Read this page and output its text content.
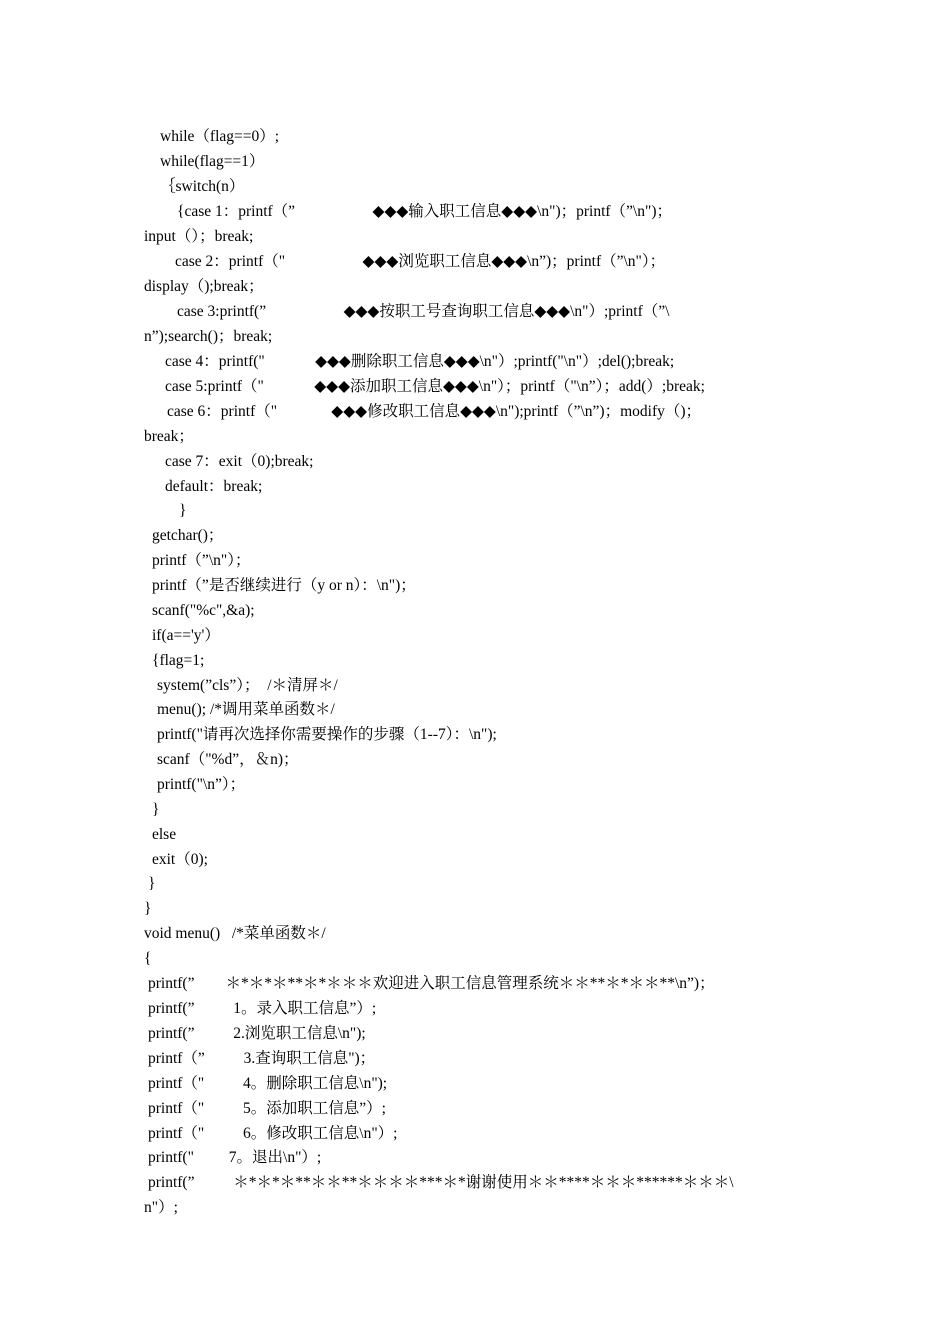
while（flag==0）;
while(flag==1）
｛switch(n）
{case 1：printf（”                    ◆◆◆输入职工信息◆◆◆\n")；printf（”\n")；
input（）；break;
case 2：printf（"                    ◆◆◆浏览职工信息◆◆◆\n”)；printf（”\n"）；
display（);break；
case 3:printf(”                    ◆◆◆按职工号查询职工信息◆◆◆\n"）;printf（”\
n”);search()；break;
case 4：printf("             ◆◆◆删除职工信息◆◆◆\n"）;printf("\n"）;del();break;
case 5:printf（"             ◆◆◆添加职工信息◆◆◆\n"）；printf（"\n”）；add(）;break;
case 6：printf（"              ◆◆◆修改职工信息◆◆◆\n");printf（”\n”)；modify（)；
break；
case 7：exit（0);break;
default：break;
}
getchar()；
printf（”\n"）；
printf（”是否继续进行（y or n）：\n")；
scanf("%c",&a);
if(a=='y'）
{flag=1;
system(”cls”）；  /＊清屏＊/
menu(); /*调用菜单函数＊/
printf("请再次选择你需要操作的步骤（1--7）：\n");
scanf（"%d”，＆n)；
printf("\n”）；
}
else
exit（0);
}
}
void menu()   /*菜单函数＊/
{
printf(”        ＊*＊*＊**＊*＊＊＊欢迎进入职工信息管理系统＊＊**＊*＊＊**\n”)；
printf(”          1。录入职工信息”）;
printf(”          2.浏览职工信息\n");
printf（”          3.查询职工信息")；
printf（"          4。删除职工信息\n");
printf（"          5。添加职工信息”）;
printf（"          6。修改职工信息\n"）;
printf("         7。退出\n"）;
printf(”          ＊*＊*＊**＊＊**＊＊＊＊***＊*谢谢使用＊＊****＊＊＊******＊＊＊\
n"）;
